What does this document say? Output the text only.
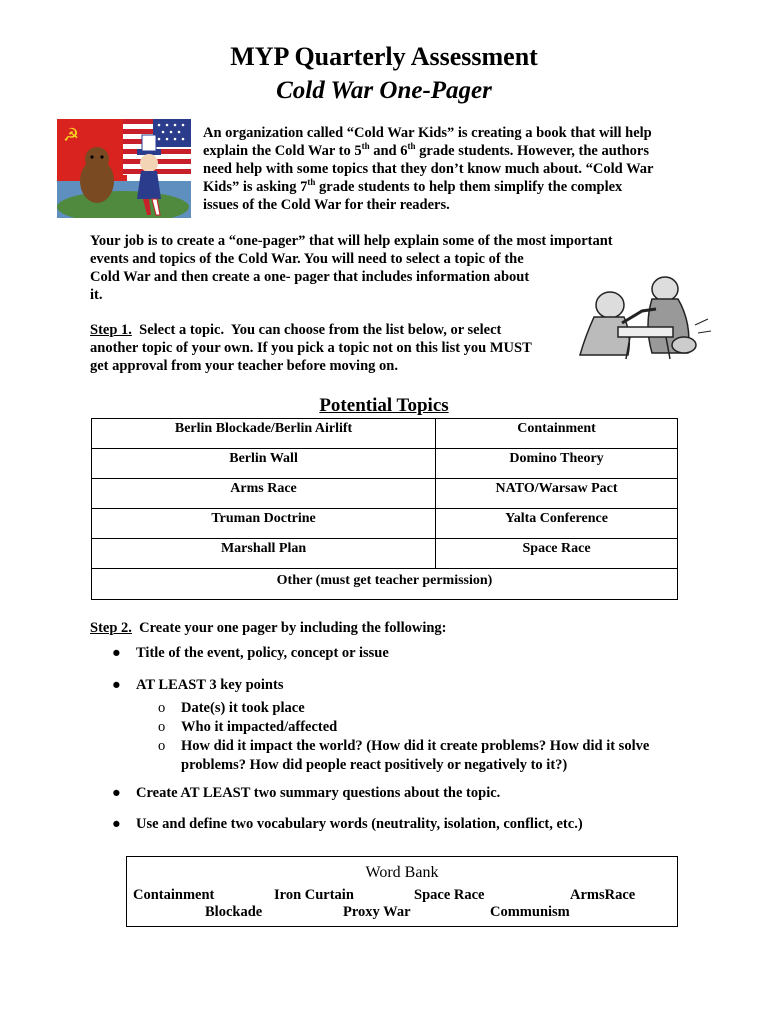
MYP Quarterly Assessment
Cold War One-Pager
☭	An organization called “Cold War Kids” is creating a book that will help
explain the Cold War to 5th and 6th grade students. However, the authors
need help with some topics that they don’t know much about. “Cold War
Kids” is asking 7th grade students to help them simplify the complex
issues of the Cold War for their readers.
Your job is to create a “one-pager” that will help explain some of the most important
events and topics of the Cold War. You will need to select a topic of the
Cold War and then create a one- pager that includes information about
it.
Step 1.  Select a topic.  You can choose from the list below, or select
another topic of your own. If you pick a topic not on this list you MUST
get approval from your teacher before moving on.
Potential Topics
Berlin Blockade/Berlin Airlift	Containment
Berlin Wall	Domino Theory
Arms Race	NATO/Warsaw Pact
Truman Doctrine	Yalta Conference
Marshall Plan	Space Race
Other (must get teacher permission)	
Step 2.  Create your one pager by including the following:
● Title of the event, policy, concept or issue
● AT LEAST 3 key points
o Date(s) it took place
o Who it impacted/affected
o How did it impact the world? (How did it create problems? How did it solve
problems? How did people react positively or negatively to it?)
● Create AT LEAST two summary questions about the topic.
● Use and define two vocabulary words (neutrality, isolation, conflict, etc.)
Word Bank
Containment	Iron Curtain	Space Race	ArmsRace
Blockade	Proxy War	Communism
